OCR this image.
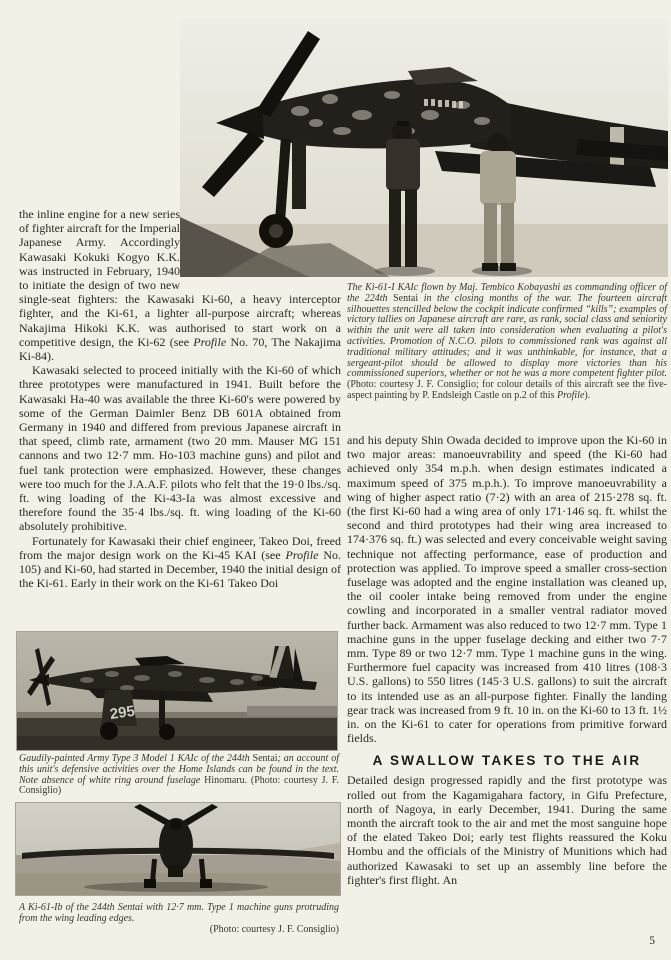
the inline engine for a new series of fighter aircraft for the Imperial Japanese Army. Accordingly Kawasaki Kokuki Kogyo K.K. was instructed in February, 1940 to initiate the design of two new single-seat fighters: the Kawasaki Ki-60, a heavy interceptor fighter, and the Ki-61, a lighter all-purpose aircraft; whereas Nakajima Hikoki K.K. was authorised to start work on a competitive design, the Ki-62 (see Profile No. 70, The Nakajima Ki-84).

Kawasaki selected to proceed initially with the Ki-60 of which three prototypes were manufactured in 1941. Built before the Kawasaki Ha-40 was available the three Ki-60's were powered by some of the German Daimler Benz DB 601A obtained from Germany in 1940 and differed from previous Japanese aircraft in that speed, climb rate, armament (two 20 mm. Mauser MG 151 cannons and two 12·7 mm. Ho-103 machine guns) and pilot and fuel tank protection were emphasized. However, these changes were too much for the J.A.A.F. pilots who felt that the 19·0 lbs./sq. ft. wing loading of the Ki-43-Ia was almost excessive and therefore found the 35·4 lbs./sq. ft. wing loading of the Ki-60 absolutely prohibitive.

Fortunately for Kawasaki their chief engineer, Takeo Doi, freed from the major design work on the Ki-45 KAI (see Profile No. 105) and Ki-60, had started in December, 1940 the initial design of the Ki-61. Early in their work on the Ki-61 Takeo Doi

295

Gaudily-painted Army Type 3 Model 1 KAIc of the 244th Sentai; an account of this unit's defensive activities over the Home Islands can be found in the text. Note absence of white ring around fuselage Hinomaru. (Photo: courtesy J. F. Consiglio)

A Ki-61-Ib of the 244th Sentai with 12·7 mm. Type 1 machine guns protruding from the wing leading edges.
(Photo: courtesy J. F. Consiglio)

The Ki-61-I KAIc flown by Maj. Tembico Kobayashi as commanding officer of the 224th Sentai in the closing months of the war. The fourteen aircraft silhouettes stencilled below the cockpit indicate confirmed “kills”; examples of victory tallies on Japanese aircraft are rare, as rank, social class and seniority within the unit were all taken into consideration when evaluating a pilot's activities. Promotion of N.C.O. pilots to commissioned rank was against all traditional military attitudes; and it was unthinkable, for instance, that a sergeant-pilot should be allowed to display more victories than his commissioned superiors, whether or not he was a more competent fighter pilot. (Photo: courtesy J. F. Consiglio; for colour details of this aircraft see the five-aspect painting by P. Endsleigh Castle on p.2 of this Profile).

and his deputy Shin Owada decided to improve upon the Ki-60 in two major areas: manoeuvrability and speed (the Ki-60 had achieved only 354 m.p.h. when design estimates indicated a maximum speed of 375 m.p.h.). To improve manoeuvrability a wing of higher aspect ratio (7·2) with an area of 215·278 sq. ft. (the first Ki-60 had a wing area of only 171·146 sq. ft. whilst the second and third prototypes had their wing area increased to 174·376 sq. ft.) was selected and every conceivable weight saving technique not affecting performance, ease of production and protection was applied. To improve speed a smaller cross-section fuselage was adopted and the engine installation was cleaned up, the oil cooler intake being removed from under the engine cowling and incorporated in a smaller ventral radiator moved further back. Armament was also reduced to two 12·7 mm. Type 1 machine guns in the upper fuselage decking and either two 7·7 mm. Type 89 or two 12·7 mm. Type 1 machine guns in the wing. Furthermore fuel capacity was increased from 410 litres (108·3 U.S. gallons) to 550 litres (145·3 U.S. gallons) to suit the aircraft to its intended use as an all-purpose fighter. Finally the landing gear track was increased from 9 ft. 10 in. on the Ki-60 to 13 ft. 1½ in. on the Ki-61 to cater for operations from primitive forward fields.

A SWALLOW TAKES TO THE AIR

Detailed design progressed rapidly and the first prototype was rolled out from the Kagamigahara factory, in Gifu Prefecture, north of Nagoya, in early December, 1941. During the same month the aircraft took to the air and met the most sanguine hope of the elated Takeo Doi; early test flights reassured the Koku Hombu and the officials of the Ministry of Munitions which had authorized Kawasaki to set up an assembly line before the fighter's first flight. An

5
